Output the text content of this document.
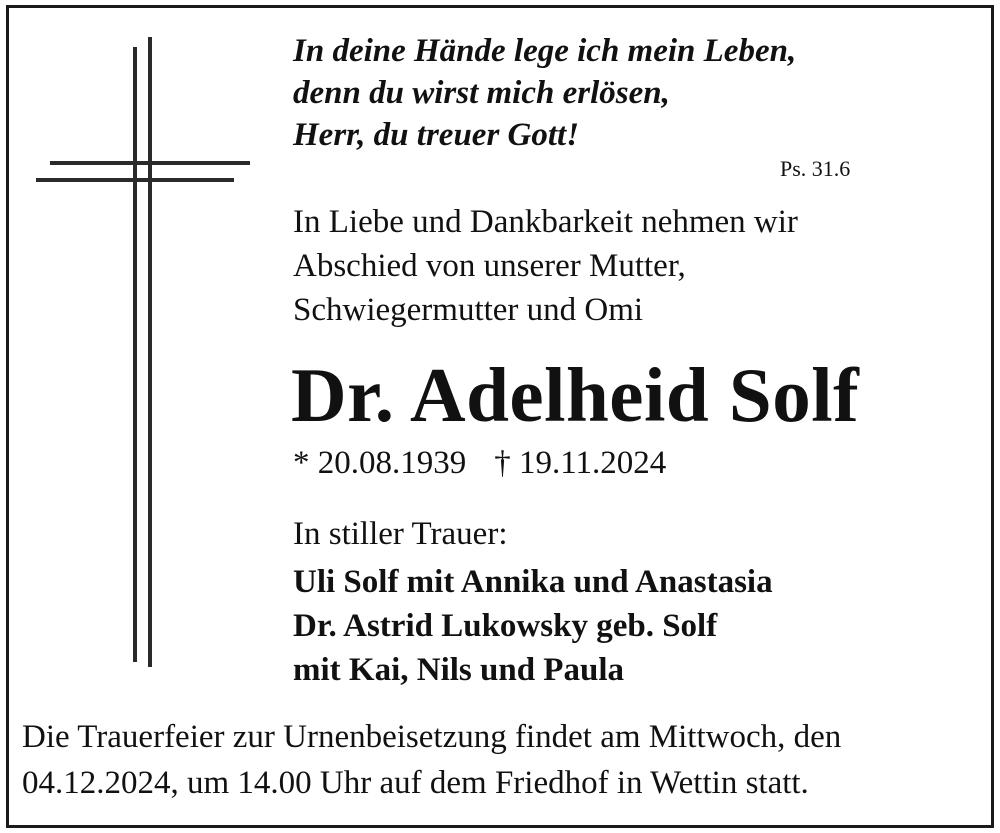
In deine Hände lege ich mein Leben,
denn du wirst mich erlösen,
Herr, du treuer Gott!
Ps. 31.6
In Liebe und Dankbarkeit nehmen wir
Abschied von unserer Mutter,
Schwiegermutter und Omi
Dr. Adelheid Solf
* 20.08.1939 † 19.11.2024
In stiller Trauer:
Uli Solf mit Annika und Anastasia
Dr. Astrid Lukowsky geb. Solf
mit Kai, Nils und Paula
Die Trauerfeier zur Urnenbeisetzung findet am Mittwoch, den
04.12.2024, um 14.00 Uhr auf dem Friedhof in Wettin statt.
